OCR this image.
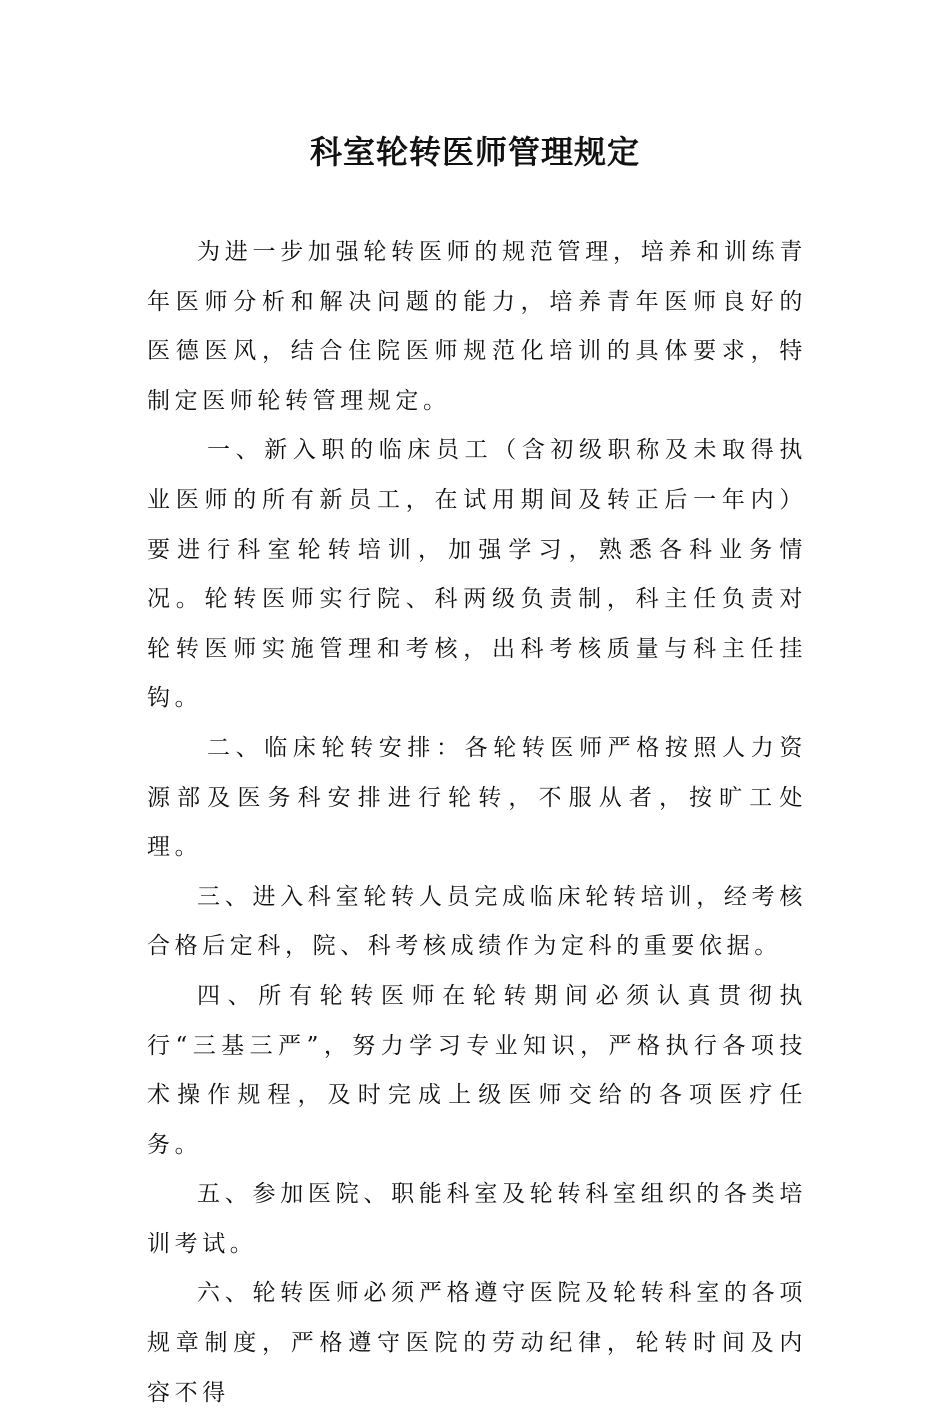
科室轮转医师管理规定

为进一步加强轮转医师的规范管理，培养和训练青年医师分析和解决问题的能力，培养青年医师良好的医德医风，结合住院医师规范化培训的具体要求，特制定医师轮转管理规定。

一、新入职的临床员工（含初级职称及未取得执业医师的所有新员工，在试用期间及转正后一年内）要进行科室轮转培训，加强学习，熟悉各科业务情况。轮转医师实行院、科两级负责制，科主任负责对轮转医师实施管理和考核，出科考核质量与科主任挂钩。

二、临床轮转安排：各轮转医师严格按照人力资源部及医务科安排进行轮转，不服从者，按旷工处理。

三、进入科室轮转人员完成临床轮转培训，经考核合格后定科，院、科考核成绩作为定科的重要依据。

四、所有轮转医师在轮转期间必须认真贯彻执行“三基三严”，努力学习专业知识，严格执行各项技术操作规程，及时完成上级医师交给的各项医疗任务。

五、参加医院、职能科室及轮转科室组织的各类培训考试。

六、轮转医师必须严格遵守医院及轮转科室的各项规章制度，严格遵守医院的劳动纪律，轮转时间及内容不得
